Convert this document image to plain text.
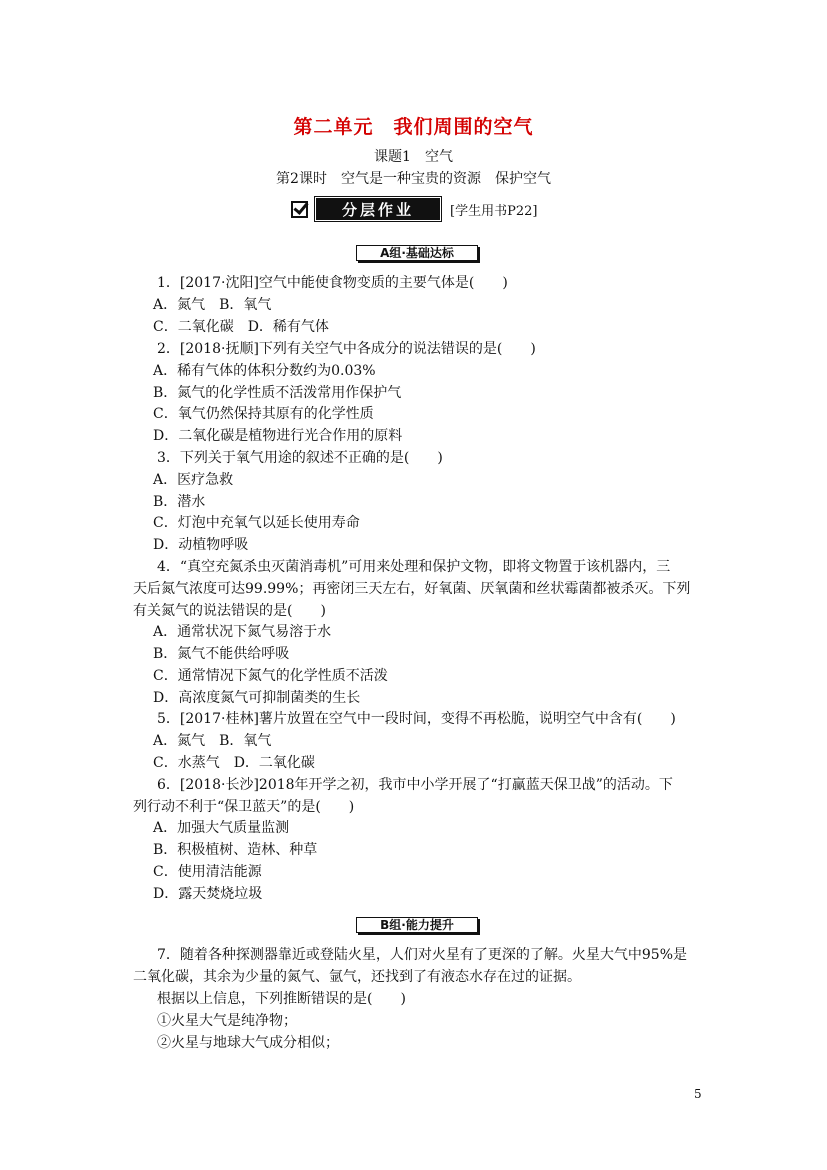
第二单元　我们周围的空气
课题1　空气
第2课时　空气是一种宝贵的资源　保护空气
分层作业	[学生用书P22]
A组·基础达标
1．[2017·沈阳]空气中能使食物变质的主要气体是(　　)
A．氮气　B．氧气
C．二氧化碳　D．稀有气体
2．[2018·抚顺]下列有关空气中各成分的说法错误的是(　　)
A．稀有气体的体积分数约为0.03%
B．氮气的化学性质不活泼常用作保护气
C．氧气仍然保持其原有的化学性质
D．二氧化碳是植物进行光合作用的原料
3．下列关于氧气用途的叙述不正确的是(　　)
A．医疗急救
B．潜水
C．灯泡中充氧气以延长使用寿命
D．动植物呼吸
4．“真空充氮杀虫灭菌消毒机”可用来处理和保护文物，即将文物置于该机器内，三
天后氮气浓度可达99.99%；再密闭三天左右，好氧菌、厌氧菌和丝状霉菌都被杀灭。下列
有关氮气的说法错误的是(　　)
A．通常状况下氮气易溶于水
B．氮气不能供给呼吸
C．通常情况下氮气的化学性质不活泼
D．高浓度氮气可抑制菌类的生长
5．[2017·桂林]薯片放置在空气中一段时间，变得不再松脆，说明空气中含有(　　)
A．氮气　B．氧气
C．水蒸气　D．二氧化碳
6．[2018·长沙]2018年开学之初，我市中小学开展了“打赢蓝天保卫战”的活动。下
列行动不利于“保卫蓝天”的是(　　)
A．加强大气质量监测
B．积极植树、造林、种草
C．使用清洁能源
D．露天焚烧垃圾
B组·能力提升
7．随着各种探测器靠近或登陆火星，人们对火星有了更深的了解。火星大气中95%是
二氧化碳，其余为少量的氮气、氩气，还找到了有液态水存在过的证据。
根据以上信息，下列推断错误的是(　　)
①火星大气是纯净物；
②火星与地球大气成分相似；
5
